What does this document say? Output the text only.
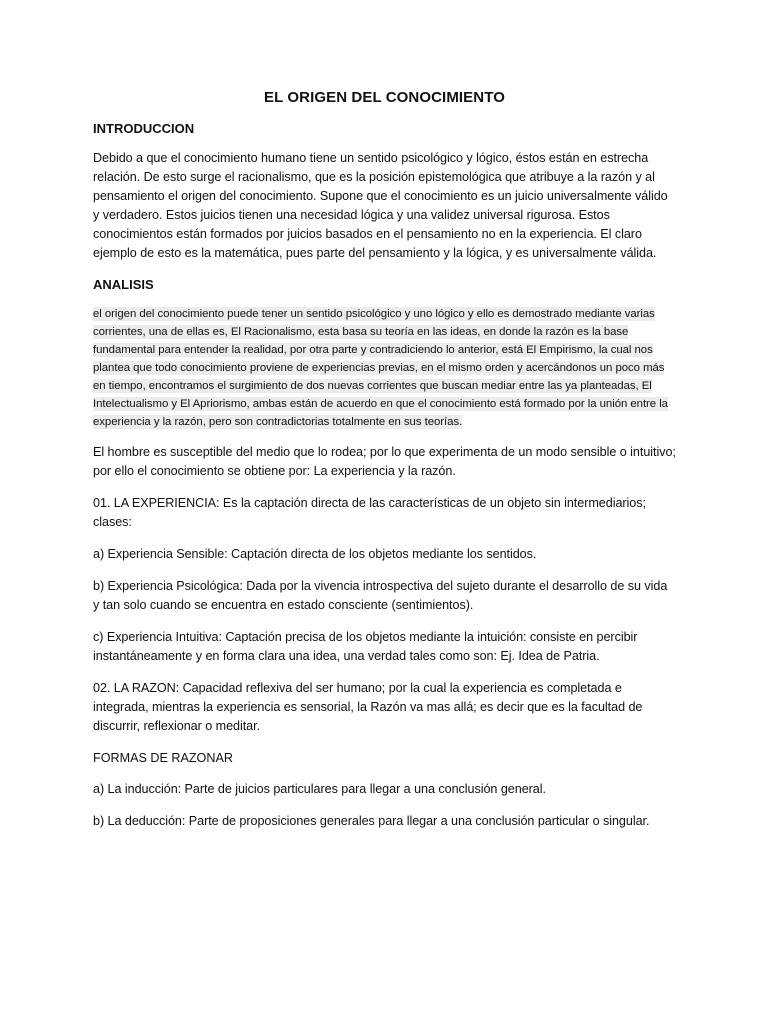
EL ORIGEN DEL CONOCIMIENTO
INTRODUCCION

Debido a que el conocimiento humano tiene un sentido psicológico y lógico, éstos están en estrecha relación. De esto surge el racionalismo, que es la posición epistemológica que atribuye a la razón y al pensamiento el origen del conocimiento. Supone que el conocimiento es un juicio universalmente válido y verdadero. Estos juicios tienen una necesidad lógica y una validez universal rigurosa. Estos conocimientos están formados por juicios basados en el pensamiento no en la experiencia. El claro ejemplo de esto es la matemática, pues parte del pensamiento y la lógica, y es universalmente válida.

ANALISIS

el origen del conocimiento puede tener un sentido psicológico y uno lógico y ello es demostrado mediante varias corrientes, una de ellas es, El Racionalismo, esta basa su teoría en las ideas, en donde la razón es la base fundamental para entender la realidad, por otra parte y contradiciendo lo anterior, está El Empirismo, la cual nos plantea que todo conocimiento proviene de experiencias previas, en el mismo orden y acercándonos un poco más en tiempo, encontramos el surgimiento de dos nuevas corrientes que buscan mediar entre las ya planteadas, El Intelectualismo y El Apriorismo, ambas están de acuerdo en que el conocimiento está formado por la unión entre la experiencia y la razón, pero son contradictorias totalmente en sus teorías.

El hombre es susceptible del medio que lo rodea; por lo que experimenta de un modo sensible o intuitivo; por ello el conocimiento se obtiene por: La experiencia y la razón.

01. LA EXPERIENCIA: Es la captación directa de las características de un objeto sin intermediarios; clases:

a) Experiencia Sensible: Captación directa de los objetos mediante los sentidos.

b) Experiencia Psicológica: Dada por la vivencia introspectiva del sujeto durante el desarrollo de su vida y tan solo cuando se encuentra en estado consciente (sentimientos).

c) Experiencia Intuitiva: Captación precisa de los objetos mediante la intuición: consiste en percibir instantáneamente y en forma clara una idea, una verdad tales como son: Ej. Idea de Patria.

02. LA RAZON: Capacidad reflexiva del ser humano; por la cual la experiencia es completada e integrada, mientras la experiencia es sensorial, la Razón va mas allá; es decir que es la facultad de discurrir, reflexionar o meditar.

FORMAS DE RAZONAR

a) La inducción: Parte de juicios particulares para llegar a una conclusión general.

b) La deducción: Parte de proposiciones generales para llegar a una conclusión particular o singular.
